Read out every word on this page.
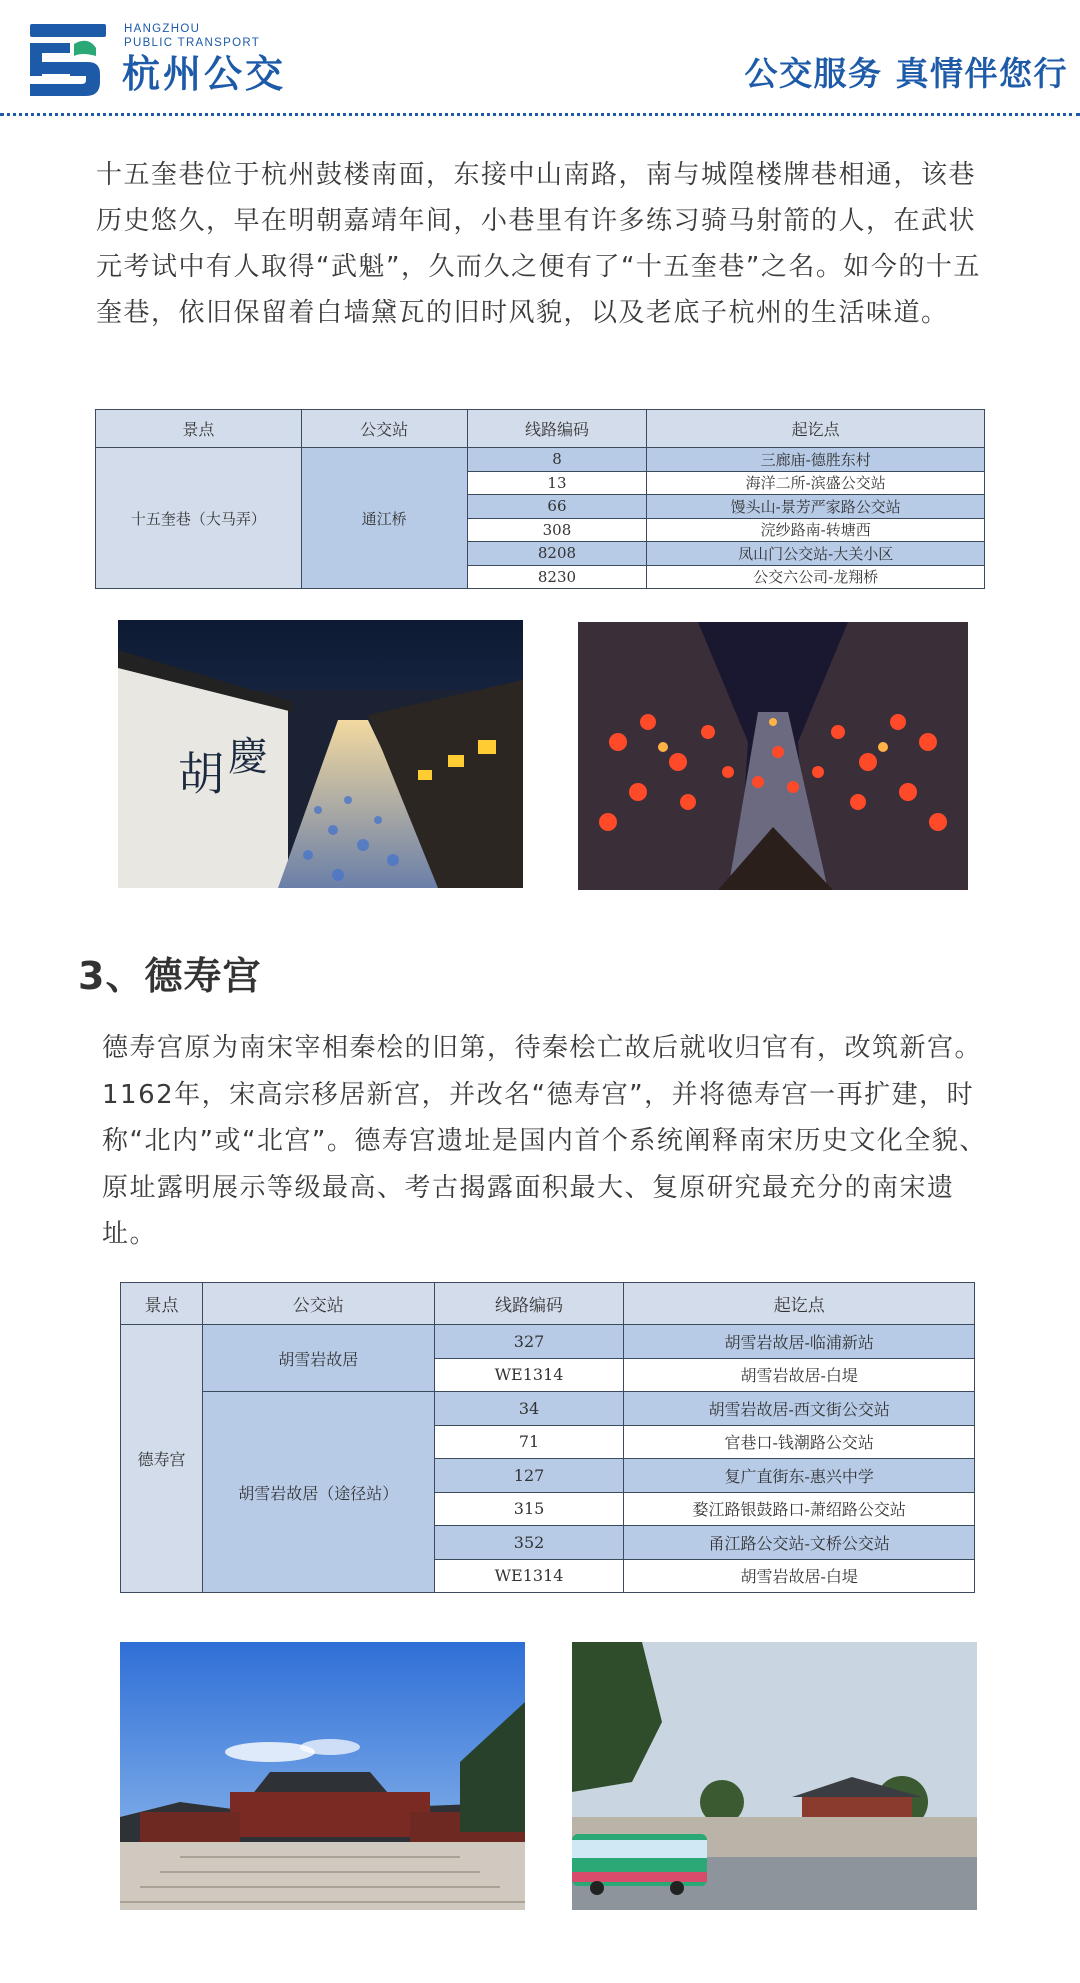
HANGZHOU
PUBLIC TRANSPORT
杭州公交	公交服务 真情伴您行

十五奎巷位于杭州鼓楼南面，东接中山南路，南与城隍楼牌巷相通，该巷历史悠久，早在明朝嘉靖年间，小巷里有许多练习骑马射箭的人，在武状元考试中有人取得“武魁”，久而久之便有了“十五奎巷”之名。如今的十五奎巷，依旧保留着白墙黛瓦的旧时风貌，以及老底子杭州的生活味道。

景点	公交站	线路编码	起讫点
十五奎巷（大马弄）	通江桥	8	三廊庙-德胜东村
		13	海洋二所-滨盛公交站
		66	馒头山-景芳严家路公交站
		308	浣纱路南-转塘西
		8208	凤山门公交站-大关小区
		8230	公交六公司-龙翔桥
胡 慶
3、德寿宫

德寿宫原为南宋宰相秦桧的旧第，待秦桧亡故后就收归官有，改筑新宫。1162年，宋高宗移居新宫，并改名“德寿宫”，并将德寿宫一再扩建，时称“北内”或“北宫”。德寿宫遗址是国内首个系统阐释南宋历史文化全貌、原址露明展示等级最高、考古揭露面积最大、复原研究最充分的南宋遗址。

景点	公交站	线路编码	起讫点
德寿宫	胡雪岩故居	327	胡雪岩故居-临浦新站
		WE1314	胡雪岩故居-白堤
	胡雪岩故居（途径站）	34	胡雪岩故居-西文街公交站
		71	官巷口-钱潮路公交站
		127	复广直街东-惠兴中学
		315	婺江路银鼓路口-萧绍路公交站
		352	甬江路公交站-文桥公交站
		WE1314	胡雪岩故居-白堤
